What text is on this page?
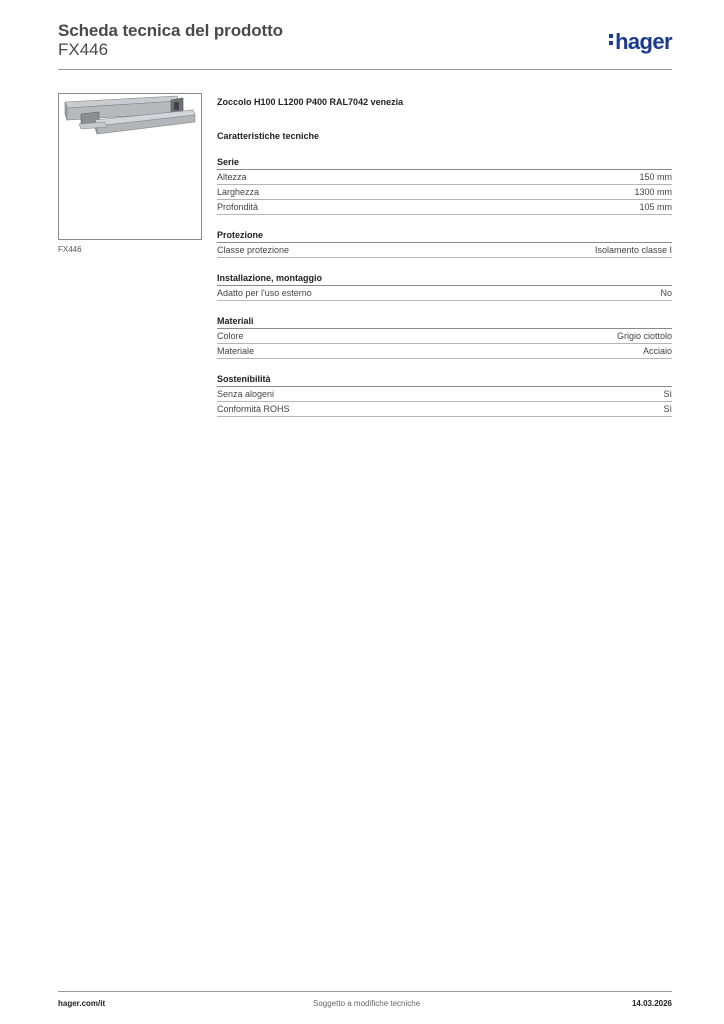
Scheda tecnica del prodotto
FX446	hager
FX446
Zoccolo H100 L1200 P400 RAL7042 venezia
Caratteristiche tecniche
Serie
Altezza	150 mm
Larghezza	1300 mm
Profondità	105 mm
Protezione
Classe protezione	Isolamento classe I
Installazione, montaggio
Adatto per l'uso esterno	No
Materiali
Colore	Grigio ciottolo
Materiale	Acciaio
Sostenibilità
Senza alogeni	Sì
Conformità ROHS	Sì
hager.com/it	Soggetto a modifiche tecniche	14.03.2026
